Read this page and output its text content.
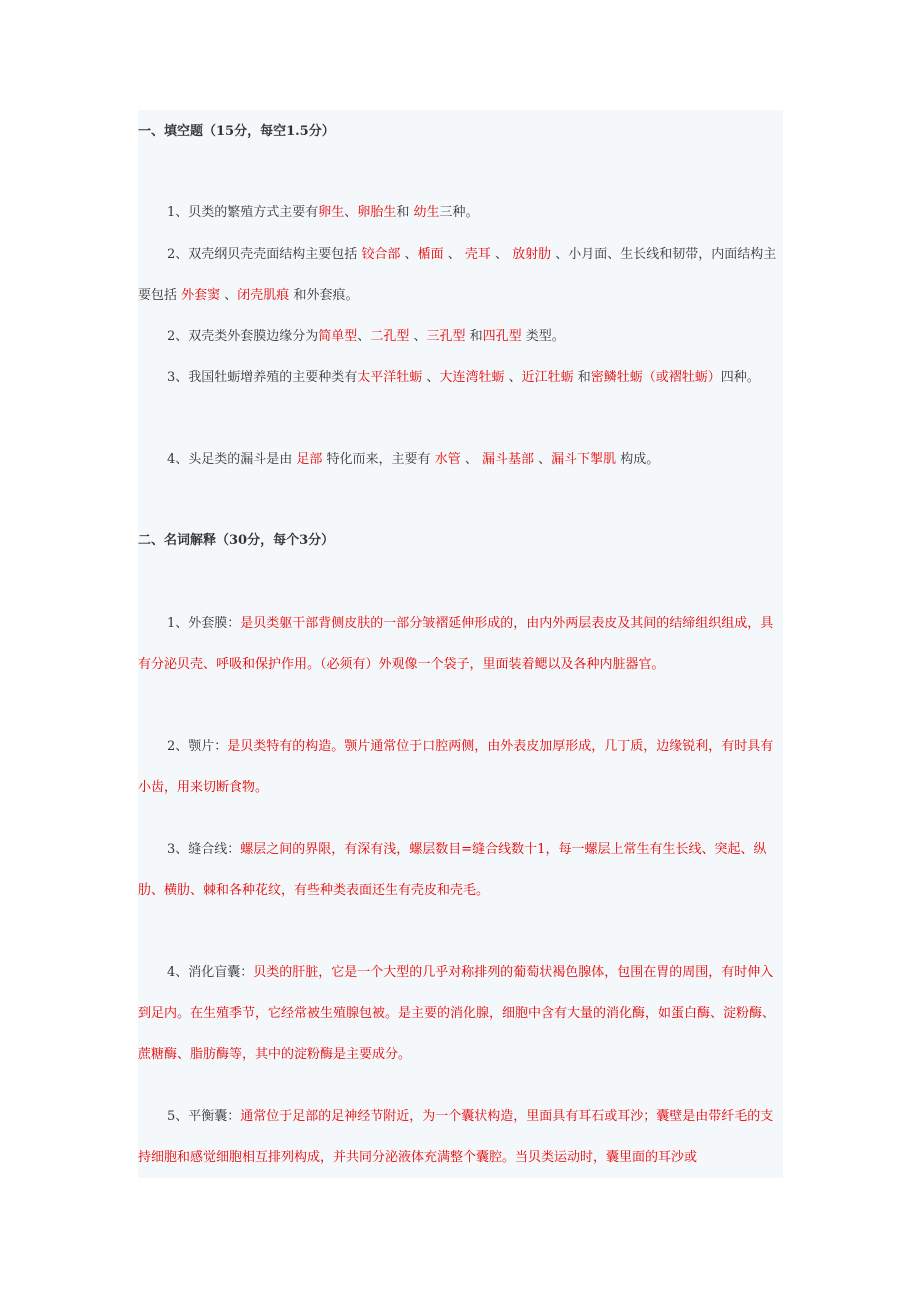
一、填空题（15分，每空1.5分）

1、贝类的繁殖方式主要有卵生、卵胎生和 幼生三种。

2、双壳纲贝壳壳面结构主要包括 铰合部 、楯面 、 壳耳 、 放射肋 、小月面、生长线和韧带，内面结构主要包括 外套窦 、闭壳肌痕 和外套痕。

2、双壳类外套膜边缘分为简单型、二孔型 、三孔型 和四孔型 类型。

3、我国牡蛎增养殖的主要种类有太平洋牡蛎 、大连湾牡蛎 、近江牡蛎 和密鳞牡蛎（或褶牡蛎）四种。

4、头足类的漏斗是由 足部 特化而来，主要有 水管 、 漏斗基部 、漏斗下掣肌 构成。

二、名词解释（30分，每个3分）

1、外套膜：是贝类躯干部背侧皮肤的一部分皱褶延伸形成的，由内外两层表皮及其间的结缔组织组成，具有分泌贝壳、呼吸和保护作用。（必须有）外观像一个袋子，里面装着鳃以及各种内脏器官。

2、颚片：是贝类特有的构造。颚片通常位于口腔两侧，由外表皮加厚形成，几丁质，边缘锐利，有时具有小齿，用来切断食物。

3、缝合线：螺层之间的界限，有深有浅，螺层数目=缝合线数十1，每一螺层上常生有生长线、突起、纵肋、横肋、棘和各种花纹，有些种类表面还生有壳皮和壳毛。

4、消化盲囊：贝类的肝脏，它是一个大型的几乎对称排列的葡萄状褐色腺体，包围在胃的周围，有时伸入到足内。在生殖季节，它经常被生殖腺包被。是主要的消化腺，细胞中含有大量的消化酶，如蛋白酶、淀粉酶、蔗糖酶、脂肪酶等，其中的淀粉酶是主要成分。

5、平衡囊：通常位于足部的足神经节附近，为一个囊状构造，里面具有耳石或耳沙；囊壁是由带纤毛的支持细胞和感觉细胞相互排列构成，并共同分泌液体充满整个囊腔。当贝类运动时，囊里面的耳沙或
